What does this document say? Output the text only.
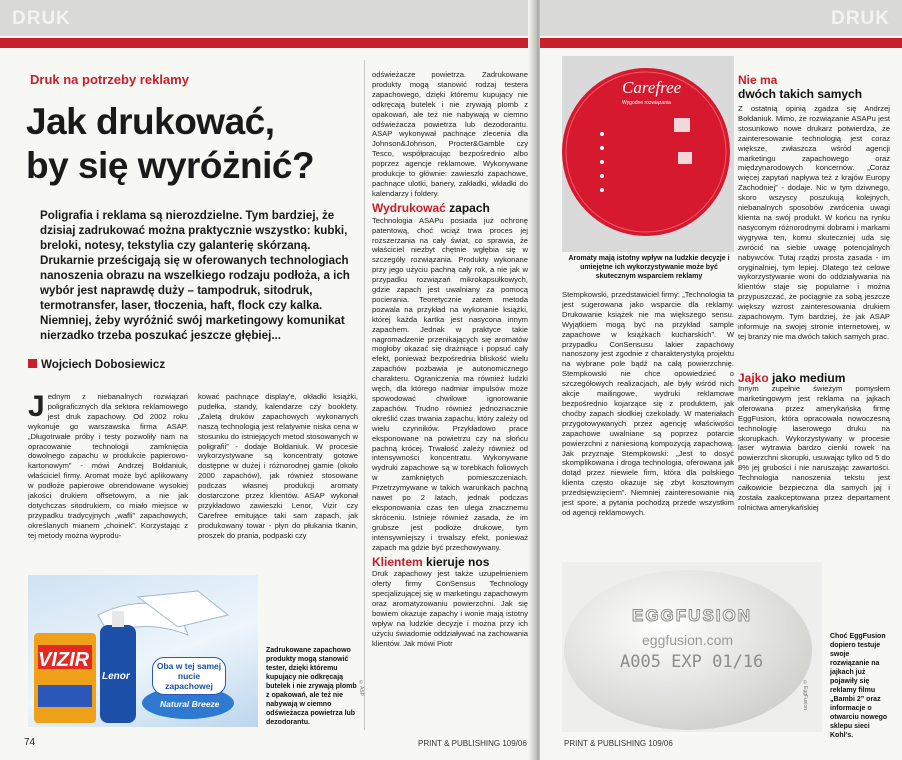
DRUK
Druk na potrzeby reklamy
Jak drukować,
by się wyróżnić?
Poligrafia i reklama są nierozdzielne. Tym bardziej, że dzisiaj zadrukować można praktycznie wszystko: kubki, breloki, notesy, tekstylia czy galanterię skórzaną. Drukarnie prześcigają się w oferowanych technologiach nanoszenia obrazu na wszelkiego rodzaju podłoża, a ich wybór jest naprawdę duży – tampodruk, sitodruk, termotransfer, laser, tłoczenia, haft, flock czy kalka. Niemniej, żeby wyróżnić swój marketingowy komunikat nierzadko trzeba poszukać jeszcze głębiej...
Wojciech Dobosiewicz
Jednym z niebanalnych rozwiązań poligraficznych dla sektora reklamowego jest druk zapachowy. Od 2002 roku wykonuje go warszawska firma ASAP. „Długotrwałe próby i testy pozwoliły nam na opracowanie technologii zamknięcia dowolnego zapachu w produkcie papierowo-kartonowym” - mówi Andrzej Bołdaniuk, właściciel firmy. Aromat może być aplikowany w podłoże papierowe obrendowane wysokiej jakości drukiem offsetowym, a nie jak dotychczas sitodrukiem, co miało miejsce w przypadku tradycyjnych „wafli” zapachowych, określanych mianem „choinek”. Korzystając z tej metody można wyprodu-
kować pachnące display'e, okładki książki, pudełka, standy, kalendarze czy booklety. „Zaletą druków zapachowych wykonanych naszą technologią jest relatywnie niska cena w stosunku do istniejących metod stosowanych w poligrafii” - dodaje Bołdaniuk. W procesie wykorzystywane są koncentraty gotowe dostępne w dużej i różnorodnej gamie (około 2000 zapachów), jak również stosowane podczas własnej produkcji aromaty dostarczone przez klientów. ASAP wykonał przykładowo zawieszki Lenor, Vizir czy Carefree emitujące taki sam zapach, jak produkowany towar - płyn do płukania tkanin, proszek do prania, podpaski czy
odświeżacze powietrza. Zadrukowane produkty mogą stanowić rodzaj testera zapachowego, dzięki któremu kupujący nie odkręcają butelek i nie zrywają plomb z opakowań, ale też nie nabywają w ciemno odświeżacza powietrza lub dezodorantu. ASAP wykonywał pachnące zlecenia dla Johnson&Johnson, Procter&Gamble czy Tesco, współpracując bezpośrednio albo poprzez agencje reklamowe. Wykonywane produkcje to głównie: zawieszki zapachowe, pachnące ulotki, banery, zakładki, wkładki do kalendarzy i foldery.
Wydrukować zapach
Technologia ASAPu posiada już ochronę patentową, choć wciąż trwa proces jej rozszerzania na cały świat, co sprawia, że właściciel niezbyt chętnie wgłębia się w szczegóły rozwiązania. Produkty wykonane przy jego użyciu pachną cały rok, a nie jak w przypadku rozwiązań mikrokapsułkowych, gdzie zapach jest uwalniany za pomocą pocierania. Teoretycznie zatem metoda pozwala na przykład na wykonanie książki, której każda kartka jest nasycona innym zapachem. Jednak w praktyce takie nagromadzenie przenikających się aromatów mogłoby okazać się drażniące i popsuć cały efekt, ponieważ bezpośrednia bliskość wielu zapachów pozbawia je autonomicznego charakteru. Ograniczenia ma również ludzki węch, dla którego nadmiar impulsów może spowodować chwilowe ignorowanie zapachów. Trudno również jednoznacznie określić czas trwania zapachu, który zależy od wielu czynników. Przykładowo prace eksponowane na powietrzu czy na słońcu pachną krócej. Trwałość zależy również od intensywności koncentratu. Wykonywane wydruki zapachowe są w torebkach foliowych w zamkniętych pomieszczeniach. Przetrzymywane w takich warunkach pachną nawet po 2 latach, jednak podczas eksponowania czas ten ulega znacznemu skróceniu. Istnieje również zasada, że im grubsze jest podłoże drukowe, tym intensywniejszy i trwalszy efekt, ponieważ zapach ma gdzie być przechowywany.
Klientem kieruje nos
Druk zapachowy jest także uzupełnieniem oferty firmy ConSensus Technology specjalizującej się w marketingu zapachowym oraz aromatyzowaniu powierzchni. Jak się bowiem okazuje zapachy i wonie mają istotny wpływ na ludzkie decyzje i można przy ich użyciu świadomie oddziaływać na zachowania klientów. Jak mówi Piotr
VIZIR
Lenor
Oba w tej samej nucie zapachowej
Natural Breeze
Zadrukowane zapachowo produkty mogą stanowić tester, dzięki któremu kupujący nie odkręcają butelek i nie zrywają plomb z opakowań, ale też nie nabywają w ciemno odświeżacza powietrza lub dezodorantu.
©ASP
74	PRINT & PUBLISHING 109/06
DRUK
Carefree
Wygodne rozwiązania
Aromaty mają istotny wpływ na ludzkie decyzje i umiejętne ich wykorzystywanie może być skutecznym wsparciem reklamy
Stempkowski, przedstawiciel firmy: „Technologia ta jest sugerowana jako wsparcie dla reklamy. Drukowanie książek nie ma większego sensu. Wyjątkiem mogą być na przykład sample zapachowe w książkach kucharskich”. W przypadku ConSensusu lakier zapachowy nanoszony jest zgodnie z charakterystyką projektu na wybrane pole bądź na całą powierzchnię. Stempkowski nie chce opowiedzieć o szczegółowych realizacjach, ale były wśród nich akcje mailingowe, wydruki reklamowe bezpośrednio kojarzące się z produktem, jak choćby zapach słodkiej czekolady. W materiałach przygotowywanych przez agencję właściwości zapachowe uwalniane są poprzez potarcie powierzchni z naniesioną kompozycją zapachową. Jak przyznaje Stempkowski: „Jest to dosyć skomplikowana i droga technologia, oferowana jak dotąd przez niewiele firm, która dla polskiego klienta często okazuje się zbyt kosztownym przedsięwzięciem”. Niemniej zainteresowanie nią jest spore, a pytania pochodzą przede wszystkim od agencji reklamowych.
Nie ma
dwóch takich samych
Z ostatnią opinią zgadza się Andrzej Bołdaniuk. Mimo, że rozwiązanie ASAPu jest stosunkowo nowe drukarz potwierdza, że zainteresowanie technologią jest coraz większe, zwłaszcza wśród agencji marketingu zapachowego oraz międzynarodowych koncernów. „Coraz więcej zapytań napływa też z krajów Europy Zachodniej” - dodaje. Nic w tym dziwnego, skoro wszyscy poszukują kolejnych, niebanalnych sposobów zwrócenia uwagi klienta na swój produkt. W końcu na rynku nasyconym różnorodnymi dobrami i markami wygrywa ten, komu skuteczniej uda się zwrócić na siebie uwagę potencjalnych nabywców. Tutaj rządzi prosta zasada - im oryginalniej, tym lepiej. Dlatego też celowe wykorzystywanie woni do oddziaływania na klientów staje się popularne i można przypuszczać, że pociągnie za sobą jeszcze większy wzrost zainteresowania drukiem zapachowym. Tym bardziej, że jak ASAP informuje na swojej stronie internetowej, w tej branży nie ma dwóch takich samych prac.
Jajko jako medium
Innym zupełnie świeżym pomysłem marketingowym jest reklama na jajkach oferowana przez amerykańską firmę EggFusion, która opracowała nowoczesną technologię laserowego druku na skorupkach. Wykorzystywany w procesie laser wytrawia bardzo cienki rowek na powierzchni skorupki, usuwając tylko od 5 do 8% jej grubości i nie naruszając zawartości. Technologia nanoszenia tekstu jest całkowicie bezpieczna dla samych jaj i została zaakceptowana przez departament rolnictwa amerykańskiej
EGGFUSION
eggfusion.com
A005 EXP 01/16
©EggFusion
Choć EggFusion dopiero testuje swoje rozwiązanie na jajkach już pojawiły się reklamy filmu „Bambi 2” oraz informacje o otwarciu nowego sklepu sieci Kohl's.
PRINT & PUBLISHING 109/06
